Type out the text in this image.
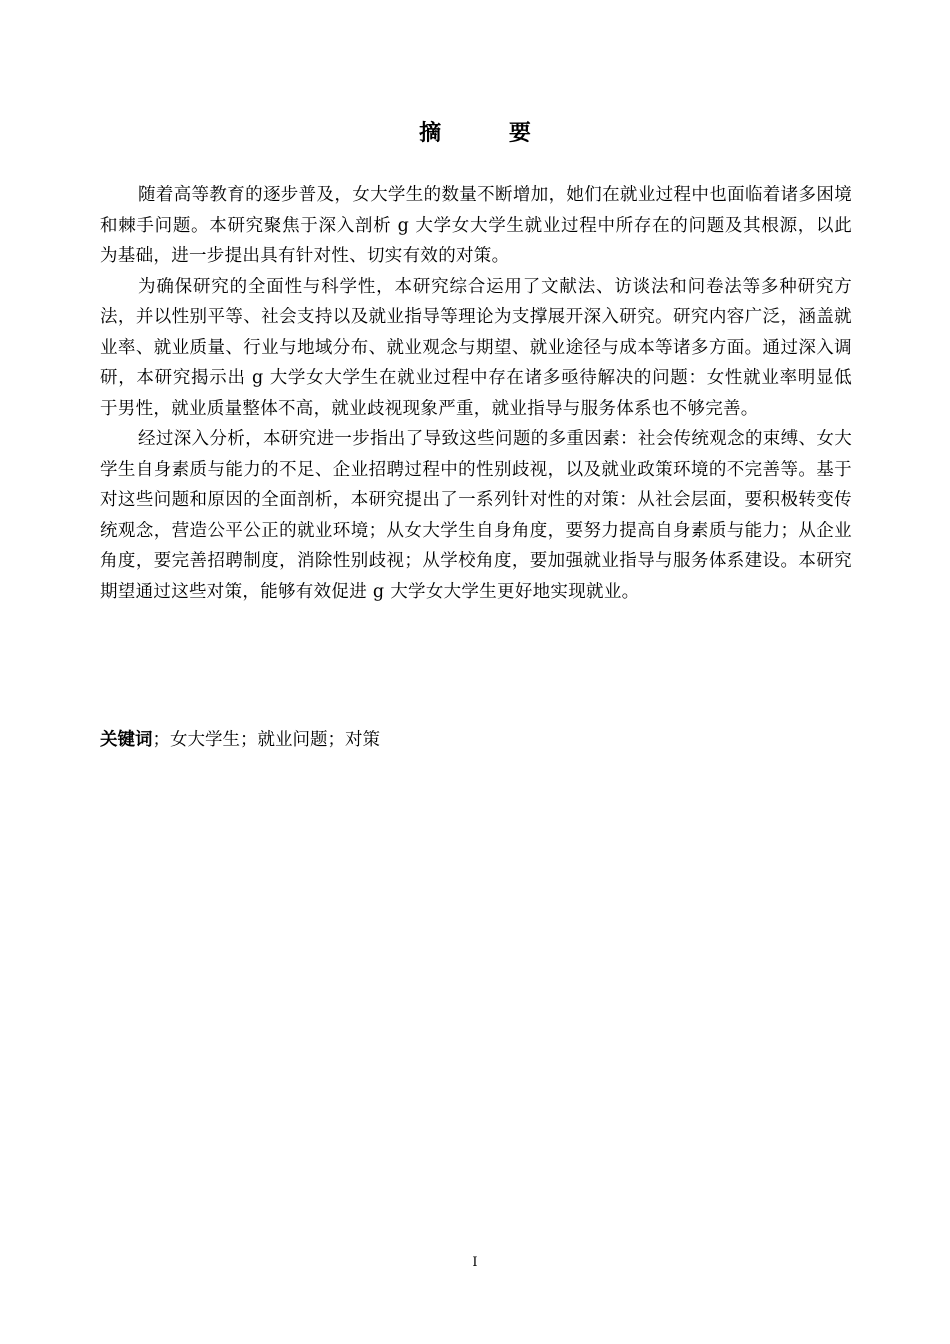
摘 要

随着高等教育的逐步普及，女大学生的数量不断增加，她们在就业过程中也面临着诸多困境和棘手问题。本研究聚焦于深入剖析 g 大学女大学生就业过程中所存在的问题及其根源，以此为基础，进一步提出具有针对性、切实有效的对策。

为确保研究的全面性与科学性，本研究综合运用了文献法、访谈法和问卷法等多种研究方法，并以性别平等、社会支持以及就业指导等理论为支撑展开深入研究。研究内容广泛，涵盖就业率、就业质量、行业与地域分布、就业观念与期望、就业途径与成本等诸多方面。通过深入调研，本研究揭示出 g 大学女大学生在就业过程中存在诸多亟待解决的问题：女性就业率明显低于男性，就业质量整体不高，就业歧视现象严重，就业指导与服务体系也不够完善。

经过深入分析，本研究进一步指出了导致这些问题的多重因素：社会传统观念的束缚、女大学生自身素质与能力的不足、企业招聘过程中的性别歧视，以及就业政策环境的不完善等。基于对这些问题和原因的全面剖析，本研究提出了一系列针对性的对策：从社会层面，要积极转变传统观念，营造公平公正的就业环境；从女大学生自身角度，要努力提高自身素质与能力；从企业角度，要完善招聘制度，消除性别歧视；从学校角度，要加强就业指导与服务体系建设。本研究期望通过这些对策，能够有效促进 g 大学女大学生更好地实现就业。

关键词；女大学生；就业问题；对策
I
